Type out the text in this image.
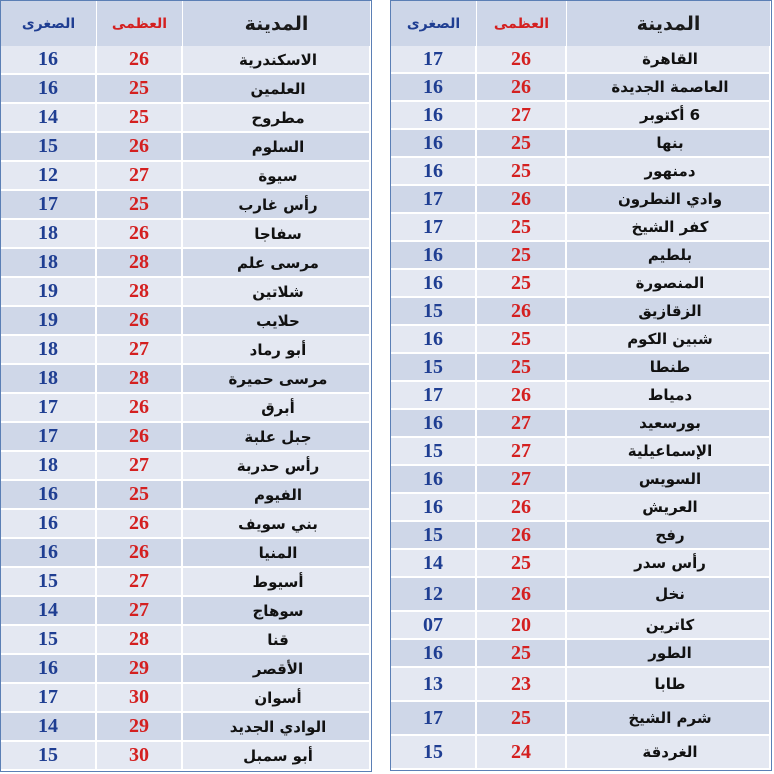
الصغرى	العظمى	المدينة
16	26	الاسكندرية
16	25	العلمين
14	25	مطروح
15	26	السلوم
12	27	سيوة
17	25	رأس غارب
18	26	سفاجا
18	28	مرسى علم
19	28	شلاتين
19	26	حلايب
18	27	أبو رماد
18	28	مرسى حميرة
17	26	أبرق
17	26	جبل علبة
18	27	رأس حدربة
16	25	الفيوم
16	26	بني سويف
16	26	المنيا
15	27	أسيوط
14	27	سوهاج
15	28	قنا
16	29	الأقصر
17	30	أسوان
14	29	الوادي الجديد
15	30	أبو سمبل
الصغرى	العظمى	المدينة
17	26	القاهرة
16	26	العاصمة الجديدة
16	27	6 أكتوبر
16	25	بنها
16	25	دمنهور
17	26	وادي النطرون
17	25	كفر الشيخ
16	25	بلطيم
16	25	المنصورة
15	26	الزقازيق
16	25	شبين الكوم
15	25	طنطا
17	26	دمياط
16	27	بورسعيد
15	27	الإسماعيلية
16	27	السويس
16	26	العريش
15	26	رفح
14	25	رأس سدر
12	26	نخل
07	20	كاترين
16	25	الطور
13	23	طابا
17	25	شرم الشيخ
15	24	الغردقة
